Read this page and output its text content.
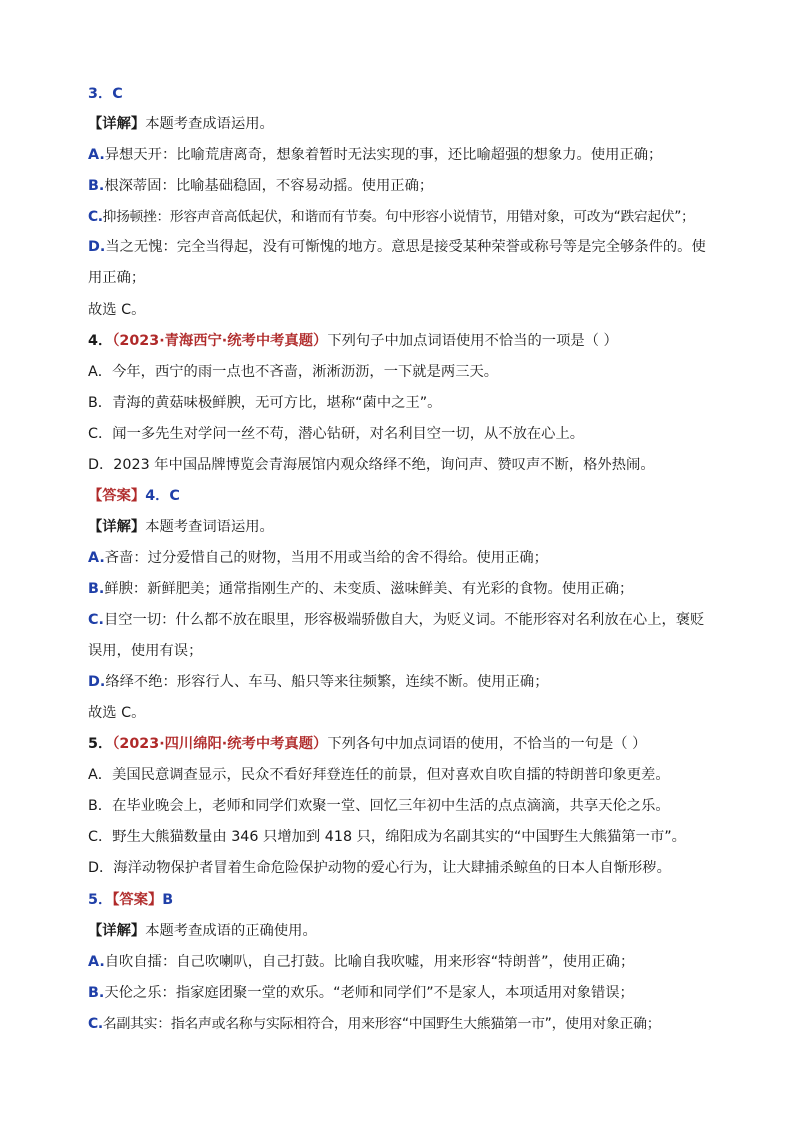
3．C
【详解】本题考查成语运用。
A.异想天开：比喻荒唐离奇，想象着暂时无法实现的事，还比喻超强的想象力。使用正确；
B.根深蒂固：比喻基础稳固，不容易动摇。使用正确；
C.抑扬顿挫：形容声音高低起伏，和谐而有节奏。句中形容小说情节，用错对象，可改为“跌宕起伏”；
D.当之无愧：完全当得起，没有可惭愧的地方。意思是接受某种荣誉或称号等是完全够条件的。使用正确；
故选 C。
4．（2023·青海西宁·统考中考真题）下列句子中加点词语使用不恰当的一项是（ ）
A．今年，西宁的雨一点也不吝啬，淅淅沥沥，一下就是两三天。
B．青海的黄菇味极鲜腴，无可方比，堪称“菌中之王”。
C．闻一多先生对学问一丝不苟，潜心钻研，对名利目空一切，从不放在心上。
D．2023 年中国品牌博览会青海展馆内观众络绎不绝，询问声、赞叹声不断，格外热闹。
【答案】4．C
【详解】本题考查词语运用。
A.吝啬：过分爱惜自己的财物，当用不用或当给的舍不得给。使用正确；
B.鲜腴：新鲜肥美；通常指刚生产的、未变质、滋味鲜美、有光彩的食物。使用正确；
C.目空一切：什么都不放在眼里，形容极端骄傲自大，为贬义词。不能形容对名利放在心上，褒贬误用，使用有误；
D.络绎不绝：形容行人、车马、船只等来往频繁，连续不断。使用正确；
故选 C。
5．（2023·四川绵阳·统考中考真题）下列各句中加点词语的使用，不恰当的一句是（ ）
A．美国民意调查显示，民众不看好拜登连任的前景，但对喜欢自吹自擂的特朗普印象更差。
B．在毕业晚会上，老师和同学们欢聚一堂、回忆三年初中生活的点点滴滴，共享天伦之乐。
C．野生大熊猫数量由 346 只增加到 418 只，绵阳成为名副其实的“中国野生大熊猫第一市”。
D．海洋动物保护者冒着生命危险保护动物的爱心行为，让大肆捕杀鲸鱼的日本人自惭形秽。
5．【答案】B
【详解】本题考查成语的正确使用。
A.自吹自擂：自己吹喇叭，自己打鼓。比喻自我吹嘘，用来形容“特朗普”，使用正确；
B.天伦之乐：指家庭团聚一堂的欢乐。“老师和同学们”不是家人，本项适用对象错误；
C.名副其实：指名声或名称与实际相符合，用来形容“中国野生大熊猫第一市”，使用对象正确；
